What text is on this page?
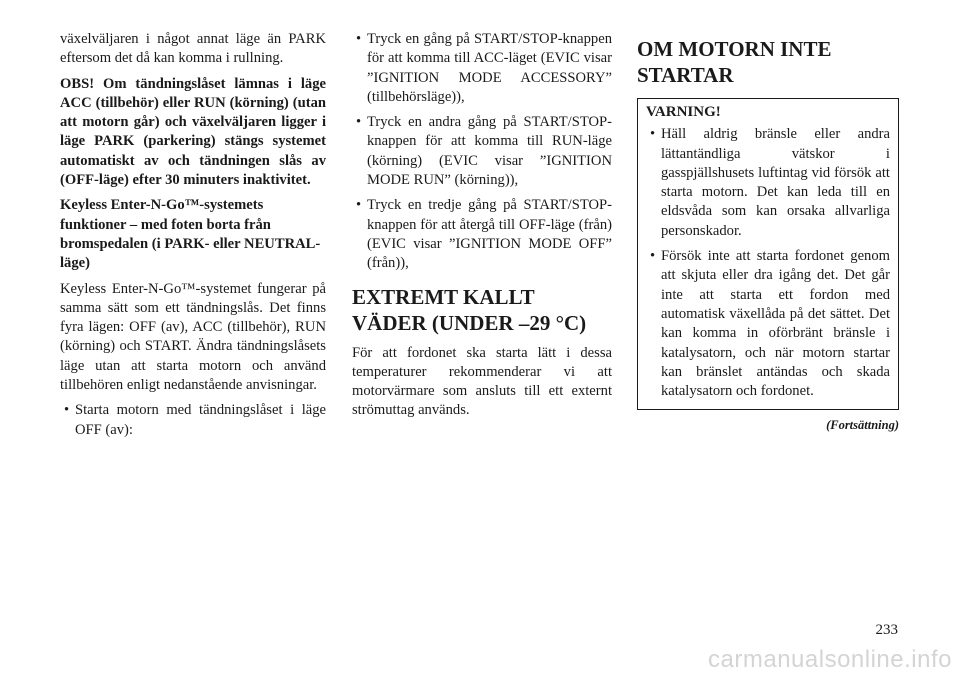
växelväljaren i något annat läge än PARK eftersom det då kan komma i rullning.

OBS! Om tändningslåset lämnas i läge ACC (tillbehör) eller RUN (körning) (utan att motorn går) och växelväljaren ligger i läge PARK (parkering) stängs systemet automatiskt av och tändningen slås av (OFF-läge) efter 30 minuters inaktivitet.

Keyless Enter-N-Go™-systemets funktioner – med foten borta från bromspedalen (i PARK- eller NEUTRAL-läge)

Keyless Enter-N-Go™-systemet fungerar på samma sätt som ett tändningslås. Det finns fyra lägen: OFF (av), ACC (tillbehör), RUN (körning) och START. Ändra tändningslåsets läge utan att starta motorn och använd tillbehören enligt nedanstående anvisningar.

• Starta motorn med tändningslåset i läge OFF (av):

• Tryck en gång på START/STOP-knappen för att komma till ACC-läget (EVIC visar ”IGNITION MODE ACCESSORY” (tillbehörsläge)),

• Tryck en andra gång på START/STOP-knappen för att komma till RUN-läge (körning) (EVIC visar ”IGNITION MODE RUN” (körning)),

• Tryck en tredje gång på START/STOP-knappen för att återgå till OFF-läge (från) (EVIC visar ”IGNITION MODE OFF” (från)),

EXTREMT KALLT VÄDER (UNDER –29 °C)

För att fordonet ska starta lätt i dessa temperaturer rekommenderar vi att motorvärmare som ansluts till ett externt strömuttag används.

OM MOTORN INTE STARTAR

VARNING!

• Häll aldrig bränsle eller andra lättantändliga vätskor i gasspjällshusets luftintag vid försök att starta motorn. Det kan leda till en eldsvåda som kan orsaka allvarliga personskador.

• Försök inte att starta fordonet genom att skjuta eller dra igång det. Det går inte att starta ett fordon med automatisk växellåda på det sättet. Det kan komma in oförbränt bränsle i katalysatorn, och när motorn startar kan bränslet antändas och skada katalysatorn och fordonet.

(Fortsättning)
233
carmanualsonline.info
